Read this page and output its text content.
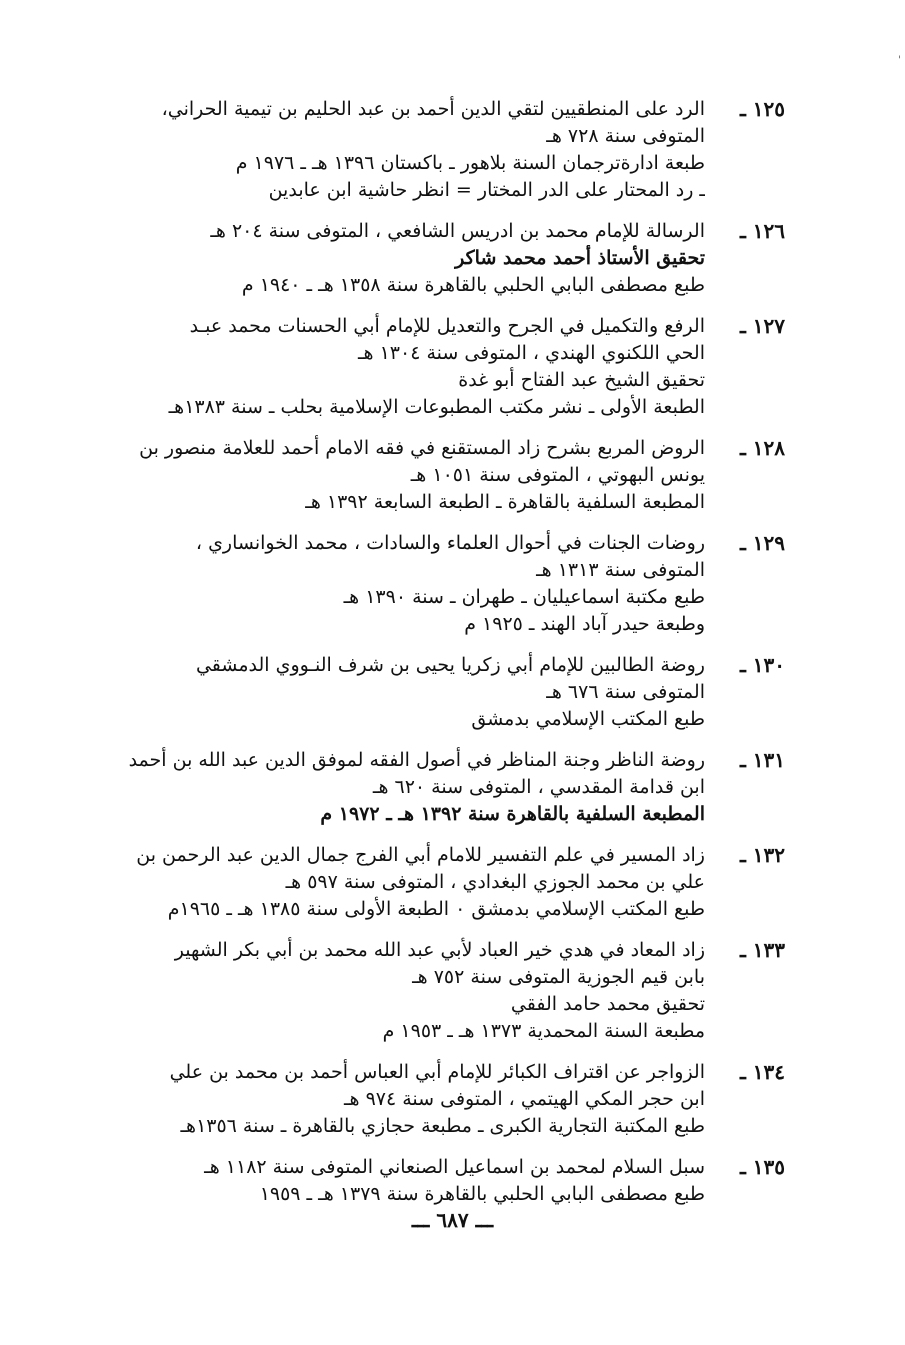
'
١٢٥ ـ
الرد على المنطقيين لتقي الدين أحمد بن عبد الحليم بن تيمية الحراني،
المتوفى سنة ٧٢٨ هـ
طبعة ادارةترجمان السنة بلاهور ـ باكستان ١٣٩٦ هـ ـ ١٩٧٦ م
ـ رد المحتار على الدر المختار = انظر حاشية ابن عابدين
١٢٦ ـ
الرسالة للإمام محمد بن ادريس الشافعي ، المتوفى سنة ٢٠٤ هـ
تحقيق الأستاذ أحمد محمد شاكر
طبع مصطفى البابي الحلبي بالقاهرة سنة ١٣٥٨ هـ ـ ١٩٤٠ م
١٢٧ ـ
الرفع والتكميل في الجرح والتعديل للإمام أبي الحسنات محمد عبـد
الحي اللكنوي الهندي ، المتوفى سنة ١٣٠٤ هـ
تحقيق الشيخ عبد الفتاح أبو غدة
الطبعة الأولى ـ نشر مكتب المطبوعات الإسلامية بحلب ـ سنة ١٣٨٣هـ
١٢٨ ـ
الروض المربع بشرح زاد المستقنع في فقه الامام أحمد للعلامة منصور بن
يونس البهوتي ، المتوفى سنة ١٠٥١ هـ
المطبعة السلفية بالقاهرة ـ الطبعة السابعة ١٣٩٢ هـ
١٢٩ ـ
روضات الجنات في أحوال العلماء والسادات ، محمد الخوانساري ،
المتوفى سنة ١٣١٣ هـ
طبع مكتبة اسماعيليان ـ طهران ـ سنة ١٣٩٠ هـ
وطبعة حيدر آباد الهند ـ ١٩٢٥ م
١٣٠ ـ
روضة الطالبين للإمام أبي زكريا يحيى بن شرف النـووي الدمشقي
المتوفى سنة ٦٧٦ هـ
طبع المكتب الإسلامي بدمشق
١٣١ ـ
روضة الناظر وجنة المناظر في أصول الفقه لموفق الدين عبد الله بن أحمد
ابن قدامة المقدسي ، المتوفى سنة ٦٢٠ هـ
المطبعة السلفية بالقاهرة سنة ١٣٩٢ هـ ـ ١٩٧٢ م
١٣٢ ـ
زاد المسير في علم التفسير للامام أبي الفرج جمال الدين عبد الرحمن بن
علي بن محمد الجوزي البغدادي ، المتوفى سنة ٥٩٧ هـ
طبع المكتب الإسلامي بدمشق ٠ الطبعة الأولى سنة ١٣٨٥ هـ ـ ١٩٦٥م
١٣٣ ـ
زاد المعاد في هدي خير العباد لأبي عبد الله محمد بن أبي بكر الشهير
بابن قيم الجوزية المتوفى سنة ٧٥٢ هـ
تحقيق محمد حامد الفقي
مطبعة السنة المحمدية ١٣٧٣ هـ ـ ١٩٥٣ م
١٣٤ ـ
الزواجر عن اقتراف الكبائر للإمام أبي العباس أحمد بن محمد بن علي
ابن حجر المكي الهيتمي ، المتوفى سنة ٩٧٤ هـ
طبع المكتبة التجارية الكبرى ـ مطبعة حجازي بالقاهرة ـ سنة ١٣٥٦هـ
١٣٥ ـ
سبل السلام لمحمد بن اسماعيل الصنعاني المتوفى سنة ١١٨٢ هـ
طبع مصطفى البابي الحلبي بالقاهرة سنة ١٣٧٩ هـ ـ ١٩٥٩
ـــ ٦٨٧ ـــ
